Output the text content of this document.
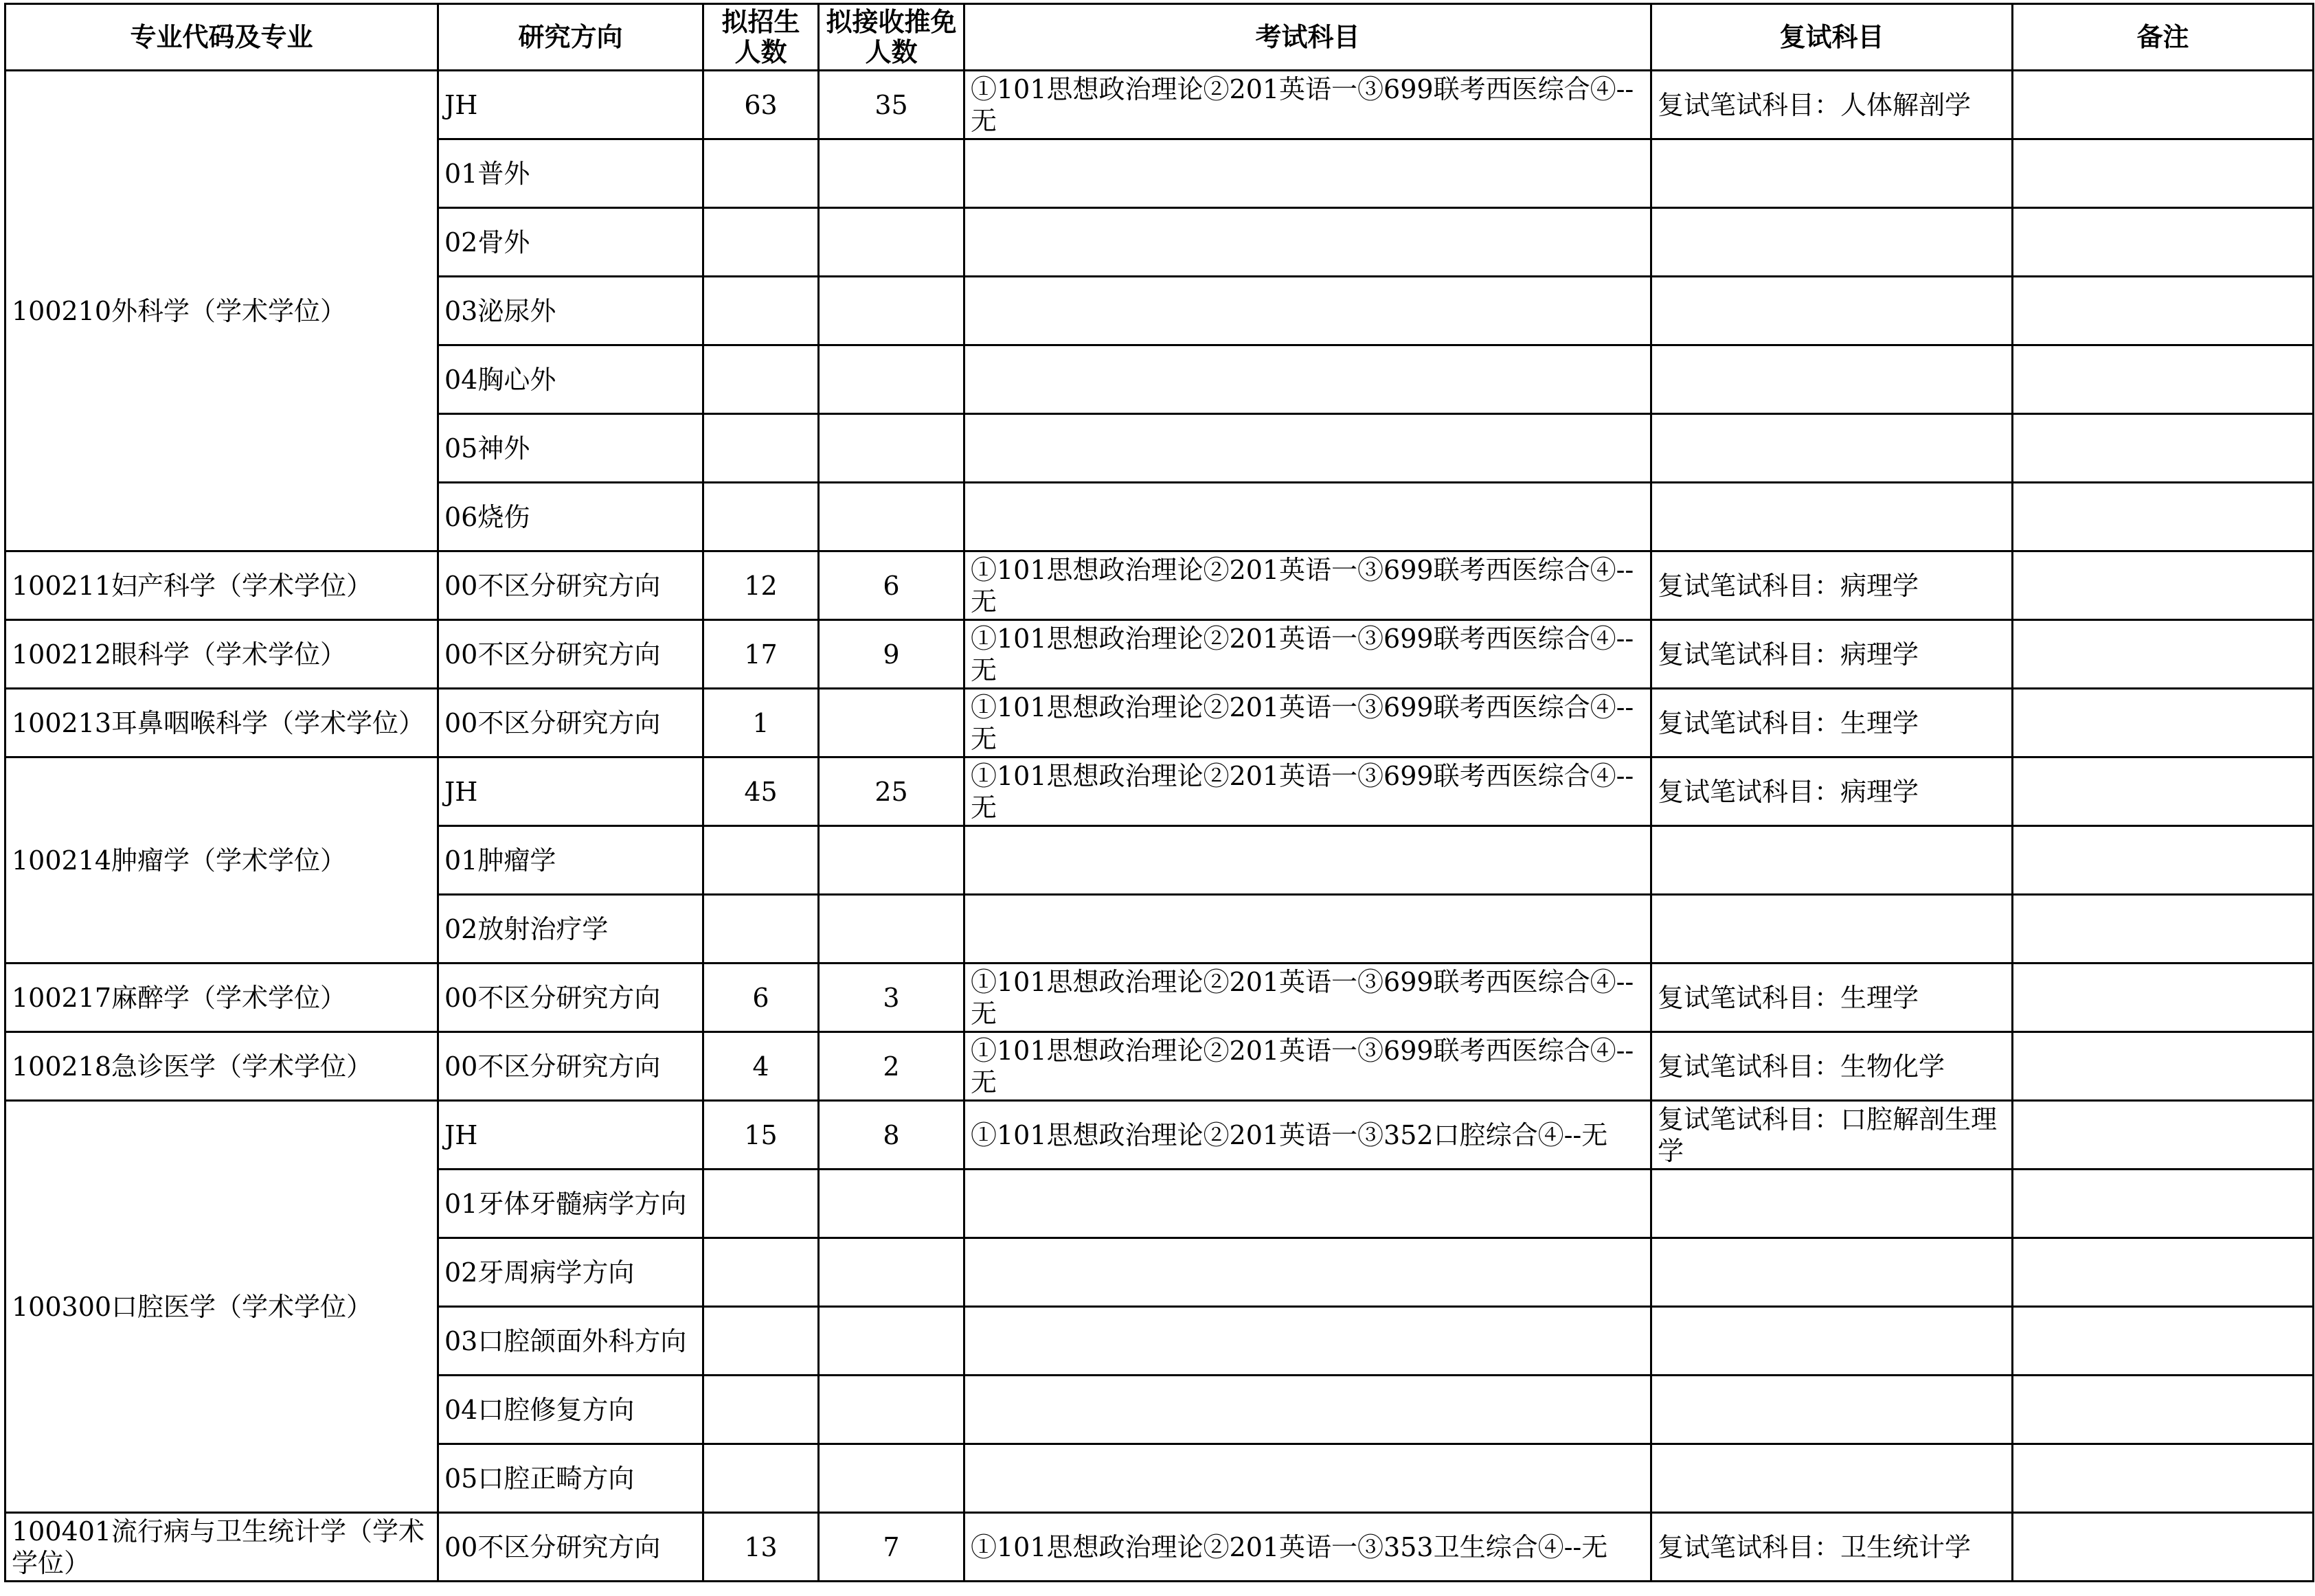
专业代码及专业	研究方向	拟招生人数	拟接收推免人数	考试科目	复试科目	备注
100210外科学（学术学位）	JH	63	35	①101思想政治理论②201英语一③699联考西医综合④--无	复试笔试科目：人体解剖学	
	01普外					
	02骨外					
	03泌尿外					
	04胸心外					
	05神外					
	06烧伤					
100211妇产科学（学术学位）	00不区分研究方向	12	6	①101思想政治理论②201英语一③699联考西医综合④--无	复试笔试科目：病理学	
100212眼科学（学术学位）	00不区分研究方向	17	9	①101思想政治理论②201英语一③699联考西医综合④--无	复试笔试科目：病理学	
100213耳鼻咽喉科学（学术学位）	00不区分研究方向	1		①101思想政治理论②201英语一③699联考西医综合④--无	复试笔试科目：生理学	
100214肿瘤学（学术学位）	JH	45	25	①101思想政治理论②201英语一③699联考西医综合④--无	复试笔试科目：病理学	
	01肿瘤学					
	02放射治疗学					
100217麻醉学（学术学位）	00不区分研究方向	6	3	①101思想政治理论②201英语一③699联考西医综合④--无	复试笔试科目：生理学	
100218急诊医学（学术学位）	00不区分研究方向	4	2	①101思想政治理论②201英语一③699联考西医综合④--无	复试笔试科目：生物化学	
100300口腔医学（学术学位）	JH	15	8	①101思想政治理论②201英语一③352口腔综合④--无	复试笔试科目：口腔解剖生理学	
	01牙体牙髓病学方向					
	02牙周病学方向					
	03口腔颌面外科方向					
	04口腔修复方向					
	05口腔正畸方向					
100401流行病与卫生统计学（学术学位）	00不区分研究方向	13	7	①101思想政治理论②201英语一③353卫生综合④--无	复试笔试科目：卫生统计学	
